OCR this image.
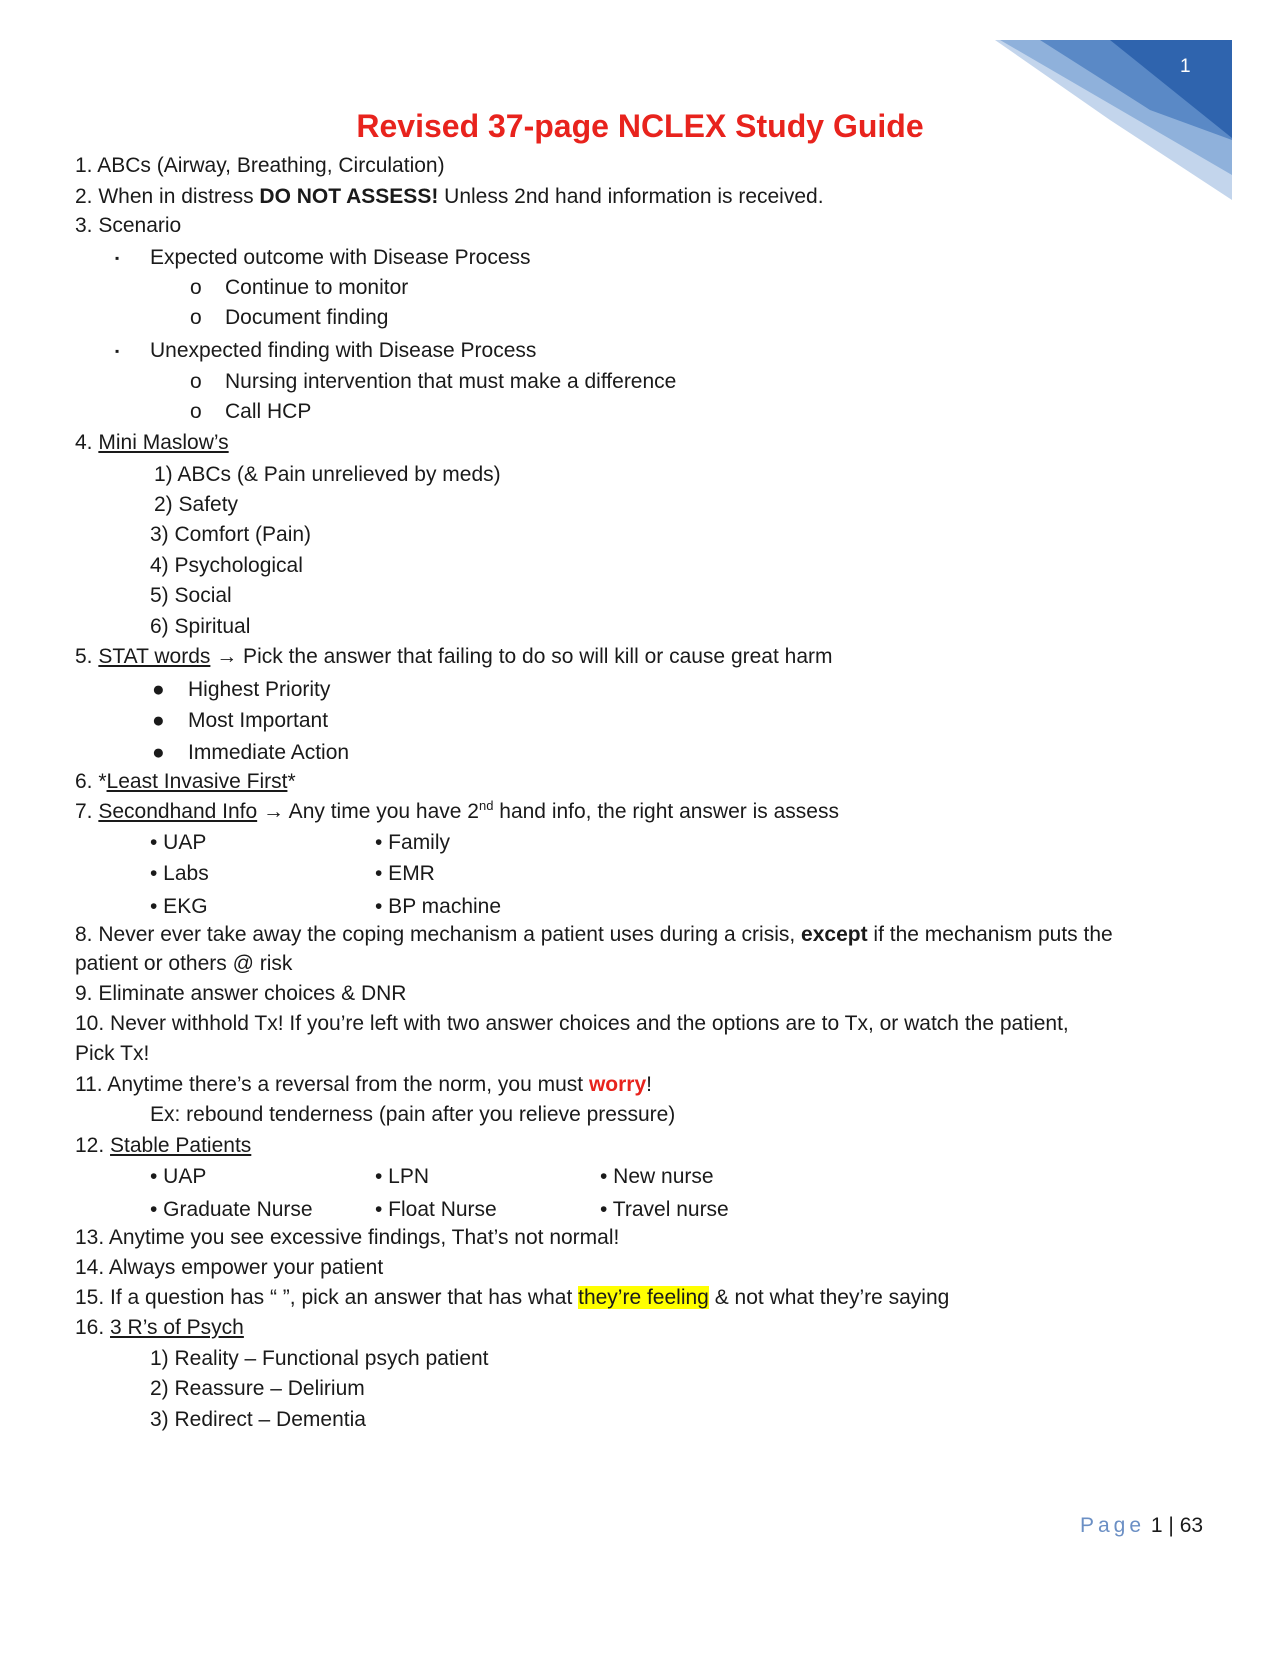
1
Revised 37-page NCLEX Study Guide
1. ABCs (Airway, Breathing, Circulation)
2. When in distress DO NOT ASSESS! Unless 2nd hand information is received.
3. Scenario
▪ Expected outcome with Disease Process
o Continue to monitor
o Document finding
▪ Unexpected finding with Disease Process
o Nursing intervention that must make a difference
o Call HCP
4. Mini Maslow’s
1) ABCs (& Pain unrelieved by meds)
2) Safety
3) Comfort (Pain)
4) Psychological
5) Social
6) Spiritual
5. STAT words → Pick the answer that failing to do so will kill or cause great harm
● Highest Priority
● Most Important
● Immediate Action
6. *Least Invasive First*
7. Secondhand Info → Any time you have 2nd hand info, the right answer is assess
• UAP	• Family
• Labs	• EMR
• EKG	• BP machine
8. Never ever take away the coping mechanism a patient uses during a crisis, except if the mechanism puts the
patient or others @ risk
9. Eliminate answer choices & DNR
10. Never withhold Tx! If you’re left with two answer choices and the options are to Tx, or watch the patient,
Pick Tx!
11. Anytime there’s a reversal from the norm, you must worry!
Ex: rebound tenderness (pain after you relieve pressure)
12. Stable Patients
• UAP	• LPN	• New nurse
• Graduate Nurse	• Float Nurse	• Travel nurse
13. Anytime you see excessive findings, That’s not normal!
14. Always empower your patient
15. If a question has “ ”, pick an answer that has what they’re feeling & not what they’re saying
16. 3 R’s of Psych
1) Reality – Functional psych patient
2) Reassure – Delirium
3) Redirect – Dementia
Page 1 | 63
